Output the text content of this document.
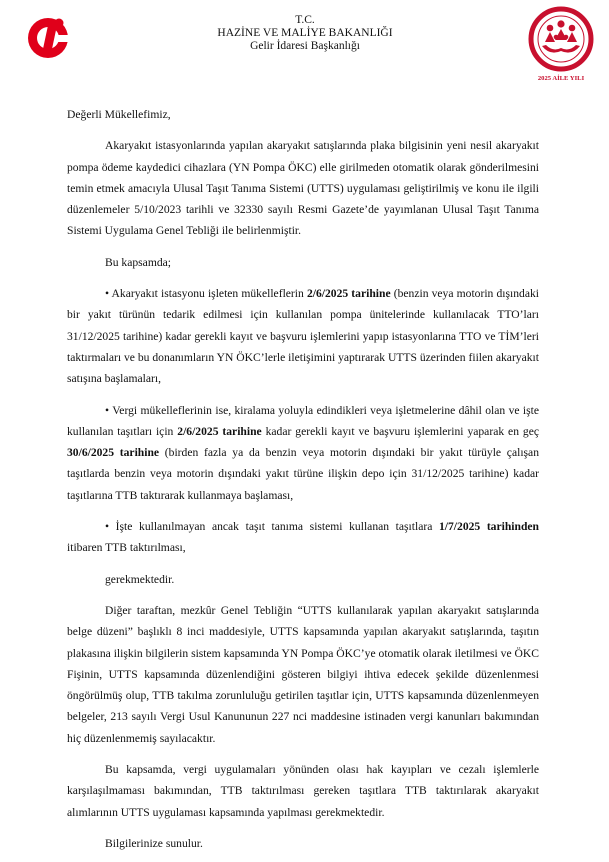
T.C.
HAZİNE VE MALİYE BAKANLIĞI
Gelir İdaresi Başkanlığı
2025 AİLE YILI

Değerli Mükellefimiz,

Akaryakıt istasyonlarında yapılan akaryakıt satışlarında plaka bilgisinin yeni nesil akaryakıt pompa ödeme kaydedici cihazlara (YN Pompa ÖKC) elle girilmeden otomatik olarak gönderilmesini temin etmek amacıyla Ulusal Taşıt Tanıma Sistemi (UTTS) uygulaması geliştirilmiş ve konu ile ilgili düzenlemeler 5/10/2023 tarihli ve 32330 sayılı Resmi Gazete’de yayımlanan Ulusal Taşıt Tanıma Sistemi Uygulama Genel Tebliği ile belirlenmiştir.

Bu kapsamda;

• Akaryakıt istasyonu işleten mükelleflerin 2/6/2025 tarihine (benzin veya motorin dışındaki bir yakıt türünün tedarik edilmesi için kullanılan pompa ünitelerinde kullanılacak TTO’ları 31/12/2025 tarihine) kadar gerekli kayıt ve başvuru işlemlerini yapıp istasyonlarına TTO ve TİM’leri taktırmaları ve bu donanımların YN ÖKC’lerle iletişimini yaptırarak UTTS üzerinden fiilen akaryakıt satışına başlamaları,

• Vergi mükelleflerinin ise, kiralama yoluyla edindikleri veya işletmelerine dâhil olan ve işte kullanılan taşıtları için 2/6/2025 tarihine kadar gerekli kayıt ve başvuru işlemlerini yaparak en geç 30/6/2025 tarihine (birden fazla ya da benzin veya motorin dışındaki bir yakıt türüyle çalışan taşıtlarda benzin veya motorin dışındaki yakıt türüne ilişkin depo için 31/12/2025 tarihine) kadar taşıtlarına TTB taktırarak kullanmaya başlaması,

• İşte kullanılmayan ancak taşıt tanıma sistemi kullanan taşıtlara 1/7/2025 tarihinden itibaren TTB taktırılması,

gerekmektedir.

Diğer taraftan, mezkûr Genel Tebliğin “UTTS kullanılarak yapılan akaryakıt satışlarında belge düzeni” başlıklı 8 inci maddesiyle, UTTS kapsamında yapılan akaryakıt satışlarında, taşıtın plakasına ilişkin bilgilerin sistem kapsamında YN Pompa ÖKC’ye otomatik olarak iletilmesi ve ÖKC Fişinin, UTTS kapsamında düzenlendiğini gösteren bilgiyi ihtiva edecek şekilde düzenlenmesi öngörülmüş olup, TTB takılma zorunluluğu getirilen taşıtlar için, UTTS kapsamında düzenlenmeyen belgeler, 213 sayılı Vergi Usul Kanununun 227 nci maddesine istinaden vergi kanunları bakımından hiç düzenlenmemiş sayılacaktır.

Bu kapsamda, vergi uygulamaları yönünden olası hak kayıpları ve cezalı işlemlerle karşılaşılmaması bakımından, TTB taktırılması gereken taşıtlara TTB taktırılarak akaryakıt alımlarının UTTS uygulaması kapsamında yapılması gerekmektedir.

Bilgilerinize sunulur.
